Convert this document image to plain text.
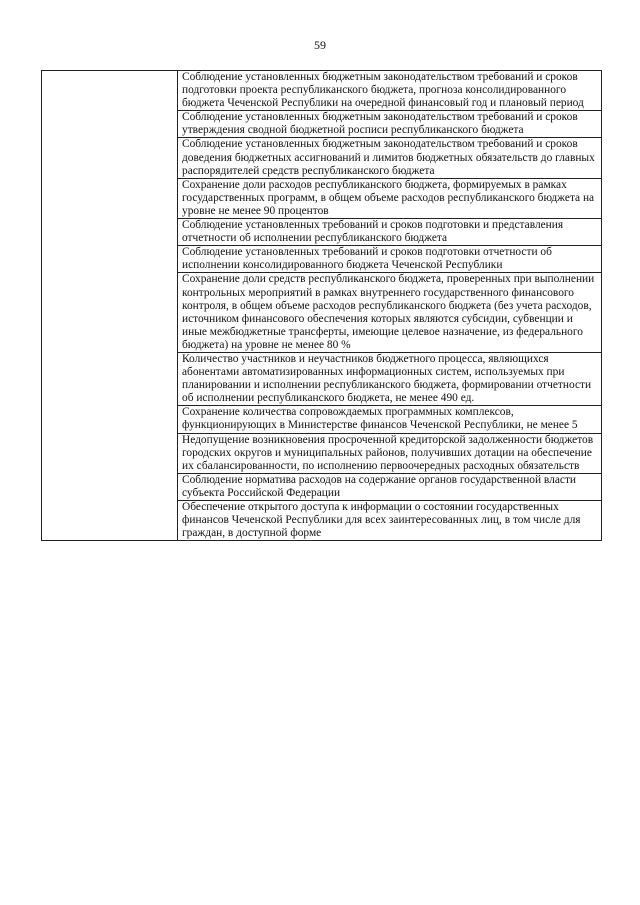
59
	Соблюдение установленных бюджетным законодательством требований и сроков подготовки проекта республиканского бюджета, прогноза консолидированного бюджета Чеченской Республики на очередной финансовый год и плановый период
Соблюдение установленных бюджетным законодательством требований и сроков утверждения сводной бюджетной росписи республиканского бюджета
Соблюдение установленных бюджетным законодательством требований и сроков доведения бюджетных ассигнований и лимитов бюджетных обязательств до главных распорядителей средств республиканского бюджета
Сохранение доли расходов республиканского бюджета, формируемых в рамках государственных программ, в общем объеме расходов республиканского бюджета на уровне не менее 90 процентов
Соблюдение установленных требований и сроков подготовки и представления отчетности об исполнении республиканского бюджета
Соблюдение установленных требований и сроков подготовки отчетности об исполнении консолидированного бюджета Чеченской Республики
Сохранение доли средств республиканского бюджета, проверенных при выполнении контрольных мероприятий в рамках внутреннего государственного финансового контроля, в общем объеме расходов республиканского бюджета (без учета расходов, источником финансового обеспечения которых являются субсидии, субвенции и иные межбюджетные трансферты, имеющие целевое назначение, из федерального бюджета) на уровне не менее 80 %
Количество участников и неучастников бюджетного процесса, являющихся абонентами автоматизированных информационных систем, используемых при планировании и исполнении республиканского бюджета, формировании отчетности об исполнении республиканского бюджета, не менее 490 ед.
Сохранение количества сопровождаемых программных комплексов, функционирующих в Министерстве финансов Чеченской Республики, не менее 5
Недопущение возникновения просроченной кредиторской задолженности бюджетов городских округов и муниципальных районов, получивших дотации на обеспечение их сбалансированности, по исполнению первоочередных расходных обязательств
Соблюдение норматива расходов на содержание органов государственной власти субъекта Российской Федерации
Обеспечение открытого доступа к информации о состоянии государственных финансов Чеченской Республики для всех заинтересованных лиц, в том числе для граждан, в доступной форме
